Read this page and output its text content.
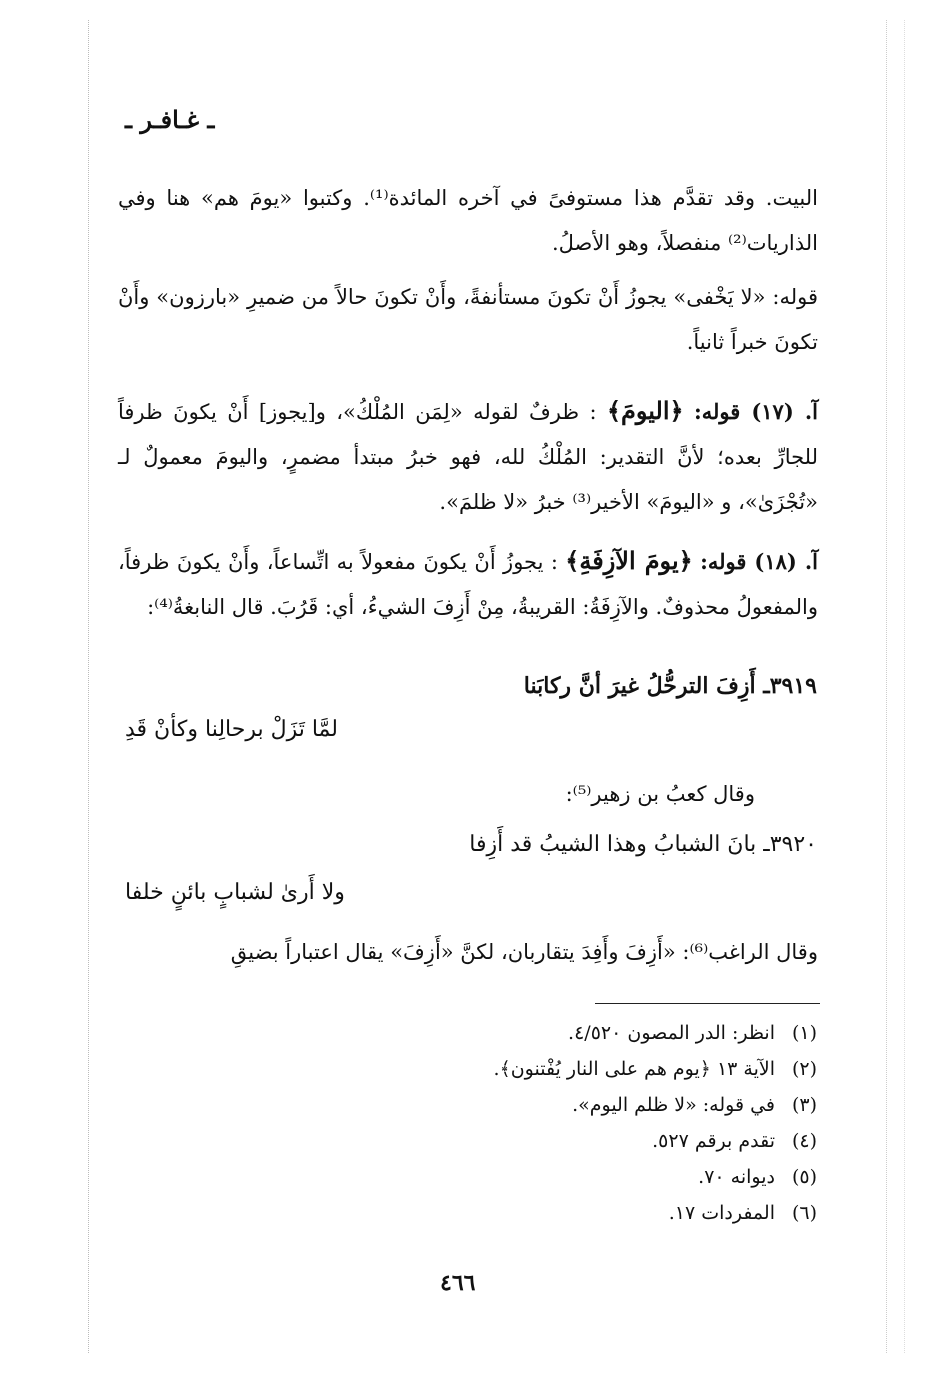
ـ غـافـر ـ
البيت. وقد تقدَّم هذا مستوفىً في آخره المائدة⁽¹⁾. وكتبوا «يومَ هم» هنا وفي الذاريات⁽²⁾ منفصلاً، وهو الأصلُ.
قوله: «لا يَخْفى» يجوزُ أَنْ تكونَ مستأنفةً، وأَنْ تكونَ حالاً من ضميرِ «بارزون» وأَنْ تكونَ خبراً ثانياً.
آ. (١٧) قوله: ﴿اليومَ﴾ : ظرفٌ لقوله «لِمَن المُلْكُ»، و[يجوز] أَنْ يكونَ ظرفاً للجارِّ بعده؛ لأنَّ التقدير: المُلْكُ لله، فهو خبرُ مبتدأ مضمرٍ، واليومَ معمولٌ لـ «تُجْزَىٰ»، و «اليومَ» الأخير⁽³⁾ خبرُ «لا ظلمَ».
آ. (١٨) قوله: ﴿يومَ الآزِفَةِ﴾ : يجوزُ أَنْ يكونَ مفعولاً به اتِّساعاً، وأَنْ يكونَ ظرفاً، والمفعولُ محذوفٌ. والآزِفَةُ: القريبةُ، مِنْ أَزِفَ الشيءُ، أي: قَرُبَ. قال النابغةُ⁽⁴⁾:
٣٩١٩ـ أَزِفَ الترحُّلُ غيرَ أنَّ ركابَنا
لمَّا تَزَلْ برحالِنا وكأنْ قَدِ
وقال كعبُ بن زهير⁽⁵⁾:
٣٩٢٠ـ بانَ الشبابُ وهذا الشيبُ قد أَزِفا
ولا أَرىٰ لشبابٍ بائنٍ خلفا
وقال الراغب⁽⁶⁾: «أَزِفَ وأَفِدَ يتقاربان، لكنَّ «أَزِفَ» يقال اعتباراً بضيقِ
(١)انظر: الدر المصون ٤/٥٢٠.
(٢)الآية ١٣ ﴿يوم هم على النار يُفْتنون﴾.
(٣)في قوله: «لا ظلم اليوم».
(٤)تقدم برقم ٥٢٧.
(٥)ديوانه ٧٠.
(٦)المفردات ١٧.
٤٦٦
